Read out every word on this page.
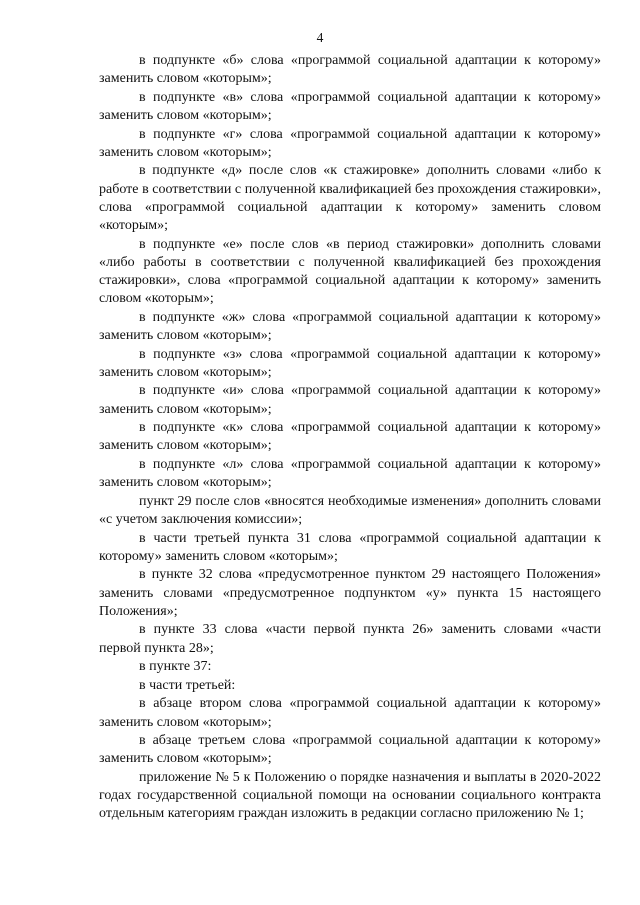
4

в подпункте «б» слова «программой социальной адаптации к которому» заменить словом «которым»;

в подпункте «в» слова «программой социальной адаптации к которому» заменить словом «которым»;

в подпункте «г» слова «программой социальной адаптации к которому» заменить словом «которым»;

в подпункте «д» после слов «к стажировке» дополнить словами «либо к работе в соответствии с полученной квалификацией без прохождения стажировки», слова «программой социальной адаптации к которому» заменить словом «которым»;

в подпункте «е» после слов «в период стажировки» дополнить словами «либо работы в соответствии с полученной квалификацией без прохождения стажировки», слова «программой социальной адаптации к которому» заменить словом «которым»;

в подпункте «ж» слова «программой социальной адаптации к которому» заменить словом «которым»;

в подпункте «з» слова «программой социальной адаптации к которому» заменить словом «которым»;

в подпункте «и» слова «программой социальной адаптации к которому» заменить словом «которым»;

в подпункте «к» слова «программой социальной адаптации к которому» заменить словом «которым»;

в подпункте «л» слова «программой социальной адаптации к которому» заменить словом «которым»;

пункт 29 после слов «вносятся необходимые изменения» дополнить словами «с учетом заключения комиссии»;

в части третьей пункта 31 слова «программой социальной адаптации к которому» заменить словом «которым»;

в пункте 32 слова «предусмотренное пунктом 29 настоящего Положения» заменить словами «предусмотренное подпунктом «у» пункта 15 настоящего Положения»;

в пункте 33 слова «части первой пункта 26» заменить словами «части первой пункта 28»;

в пункте 37:

в части третьей:

в абзаце втором слова «программой социальной адаптации к которому» заменить словом «которым»;

в абзаце третьем слова «программой социальной адаптации к которому» заменить словом «которым»;

приложение № 5 к Положению о порядке назначения и выплаты в 2020-2022 годах государственной социальной помощи на основании социального контракта отдельным категориям граждан изложить в редакции согласно приложению № 1;
